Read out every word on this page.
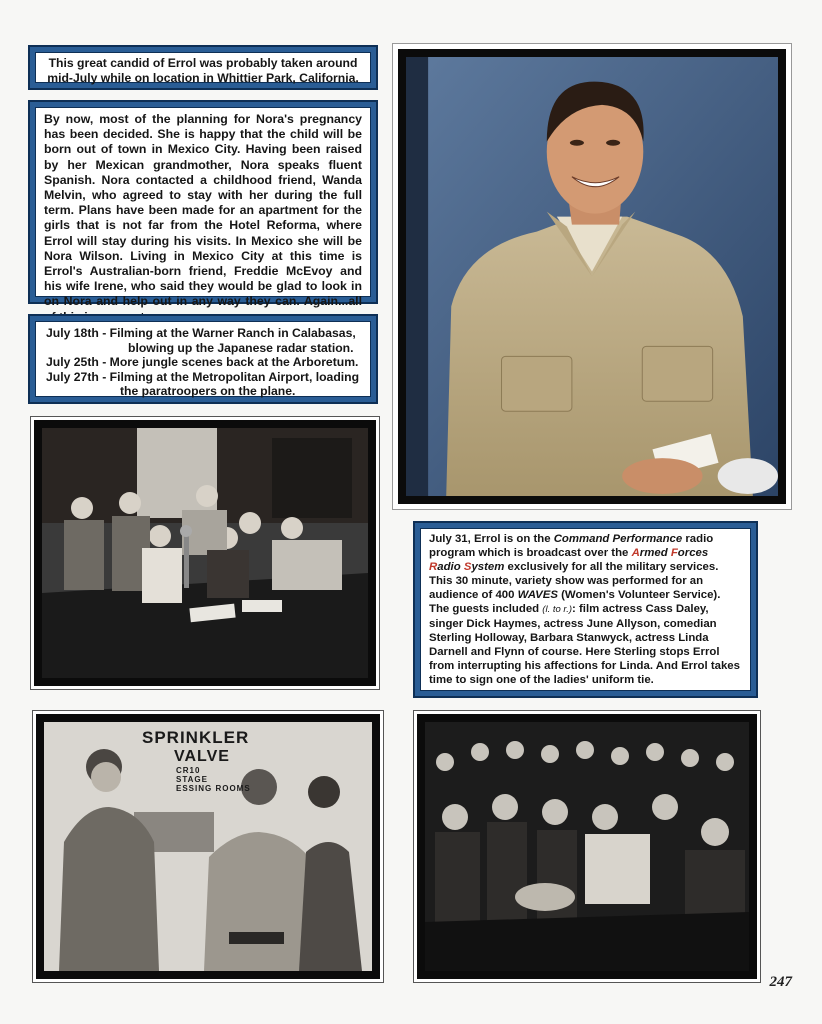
This great candid of Errol was probably taken around
mid-July while on location in Whittier Park, California.

By now, most of the planning for Nora's pregnancy has been decided. She is happy that the child will be born out of town in Mexico City. Having been raised by her Mexican grandmother, Nora speaks fluent Spanish. Nora contacted a childhood friend, Wanda Melvin, who agreed to stay with her during the full term. Plans have been made for an apartment for the girls that is not far from the Hotel Reforma, where Errol will stay during his visits. In Mexico she will be Nora Wilson. Living in Mexico City at this time is Errol's Australian-born friend, Freddie McEvoy and his wife Irene, who said they would be glad to look in on Nora and help out in any way they can. Again...all

July 18th - Filming at the Warner Ranch in Calabasas,
blowing up the Japanese radar station.
July 25th - More jungle scenes back at the Arboretum.
July 27th - Filming at the Metropolitan Airport, loading
the paratroopers on the plane.

July 31, Errol is on the Command Performance radio program which is broadcast over the Armed Forces
Radio System exclusively for all the military services. This 30 minute, variety show was performed for an audience of 400 WAVES (Women's Volunteer Service). The guests included (l. to r.): film actress Cass Daley, singer Dick Haymes, actress June Allyson, comedian Sterling Holloway, Barbara Stanwyck, actress Linda Darnell and Flynn of course. Here Sterling stops Errol from interrupting his affections for Linda. And Errol takes time to sign one of the ladies' uniform tie.

SPRINKLER
VALVE
CR10
STAGE
ESSING ROOMS
247
